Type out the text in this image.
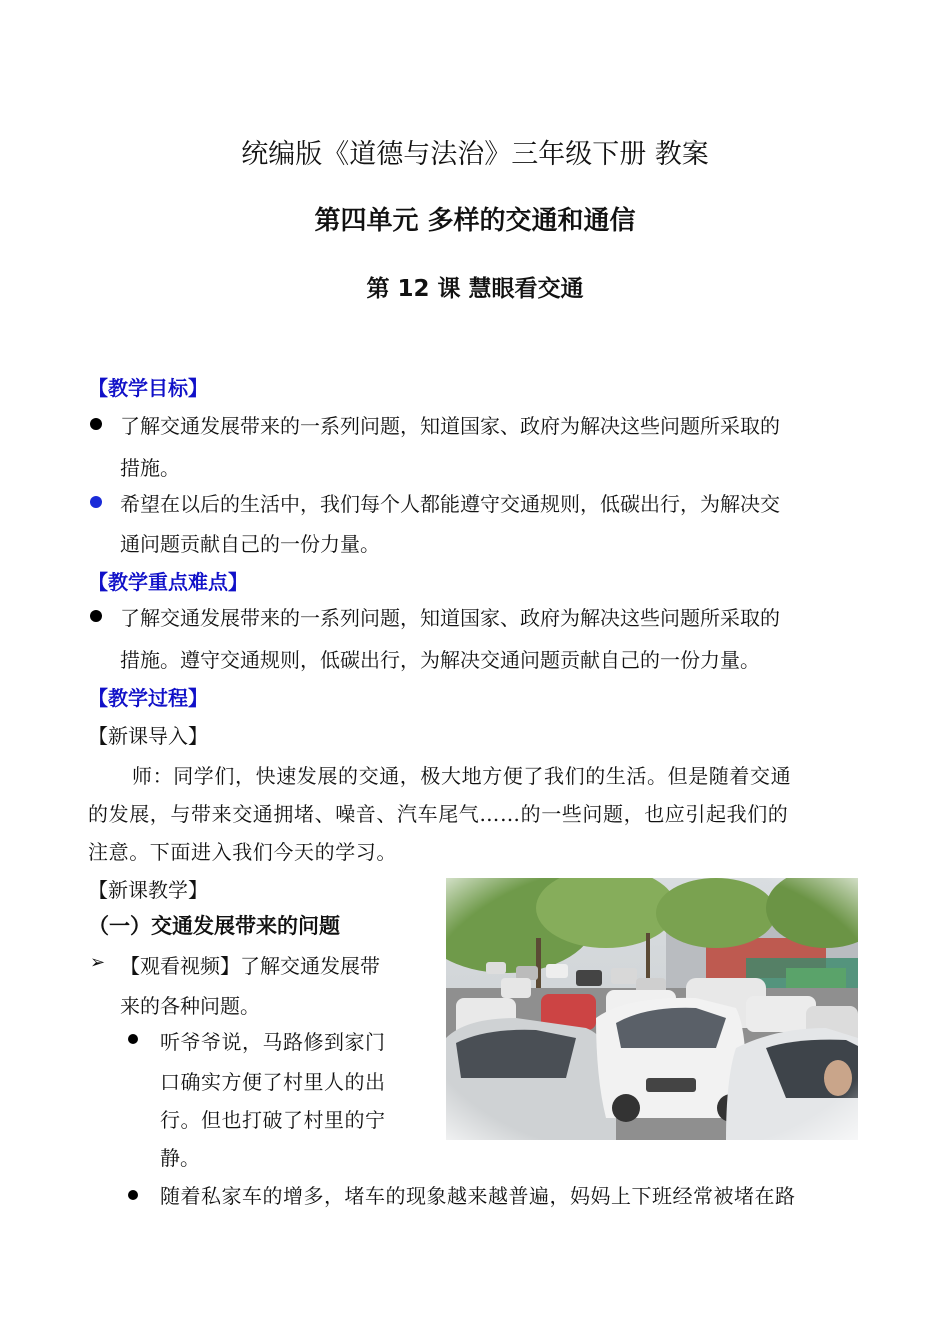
统编版《道德与法治》三年级下册 教案
第四单元 多样的交通和通信
第 12 课 慧眼看交通
【教学目标】
了解交通发展带来的一系列问题，知道国家、政府为解决这些问题所采取的
措施。
希望在以后的生活中，我们每个人都能遵守交通规则，低碳出行，为解决交
通问题贡献自己的一份力量。
【教学重点难点】
了解交通发展带来的一系列问题，知道国家、政府为解决这些问题所采取的
措施。遵守交通规则，低碳出行，为解决交通问题贡献自己的一份力量。
【教学过程】
【新课导入】
师：同学们，快速发展的交通，极大地方便了我们的生活。但是随着交通
的发展，与带来交通拥堵、噪音、汽车尾气……的一些问题，也应引起我们的
注意。下面进入我们今天的学习。
【新课教学】
（一）交通发展带来的问题
➢ 【观看视频】了解交通发展带
来的各种问题。
听爷爷说，马路修到家门
口确实方便了村里人的出
行。但也打破了村里的宁
静。
随着私家车的增多，堵车的现象越来越普遍，妈妈上下班经常被堵在路
